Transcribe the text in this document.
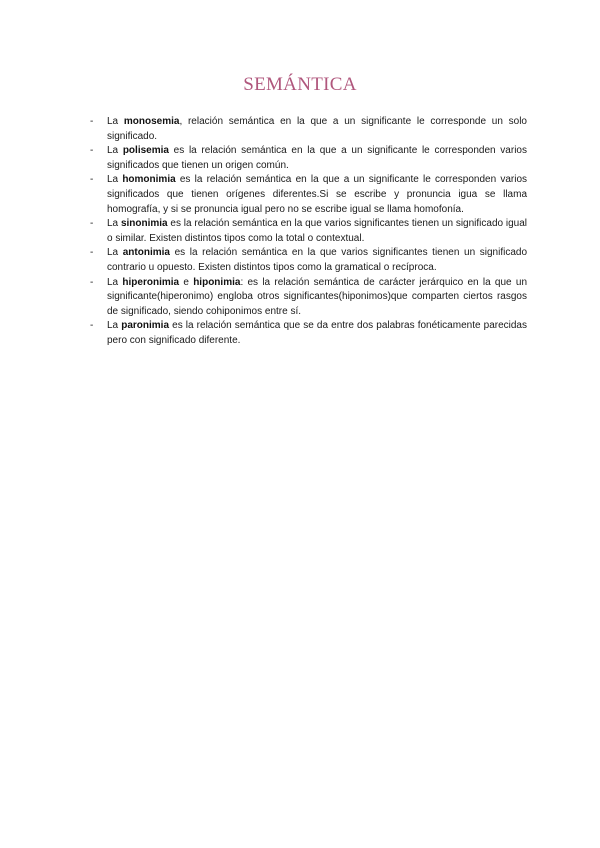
SEMÁNTICA
- La monosemia, relación semántica en la que a un significante le corresponde un solo significado.
- La polisemia es la relación semántica en la que a un significante le corresponden varios significados que tienen un origen común.
- La homonimia es la relación semántica en la que a un significante le corresponden varios significados que tienen orígenes diferentes.Si se escribe y pronuncia igua se llama homografía, y si se pronuncia igual pero no se escribe igual se llama homofonía.
- La sinonimia es la relación semántica en la que varios significantes tienen un significado igual o similar. Existen distintos tipos como la total o contextual.
- La antonimia es la relación semántica en la que varios significantes tienen un significado contrario u opuesto. Existen distintos tipos como la gramatical o recíproca.
- La hiperonimia e hiponimia: es la relación semántica de carácter jerárquico en la que un significante(hiperonimo) engloba otros significantes(hiponimos)que comparten ciertos rasgos de significado, siendo cohiponimos entre sí.
- La paronimia es la relación semántica que se da entre dos palabras fonéticamente parecidas pero con significado diferente.
